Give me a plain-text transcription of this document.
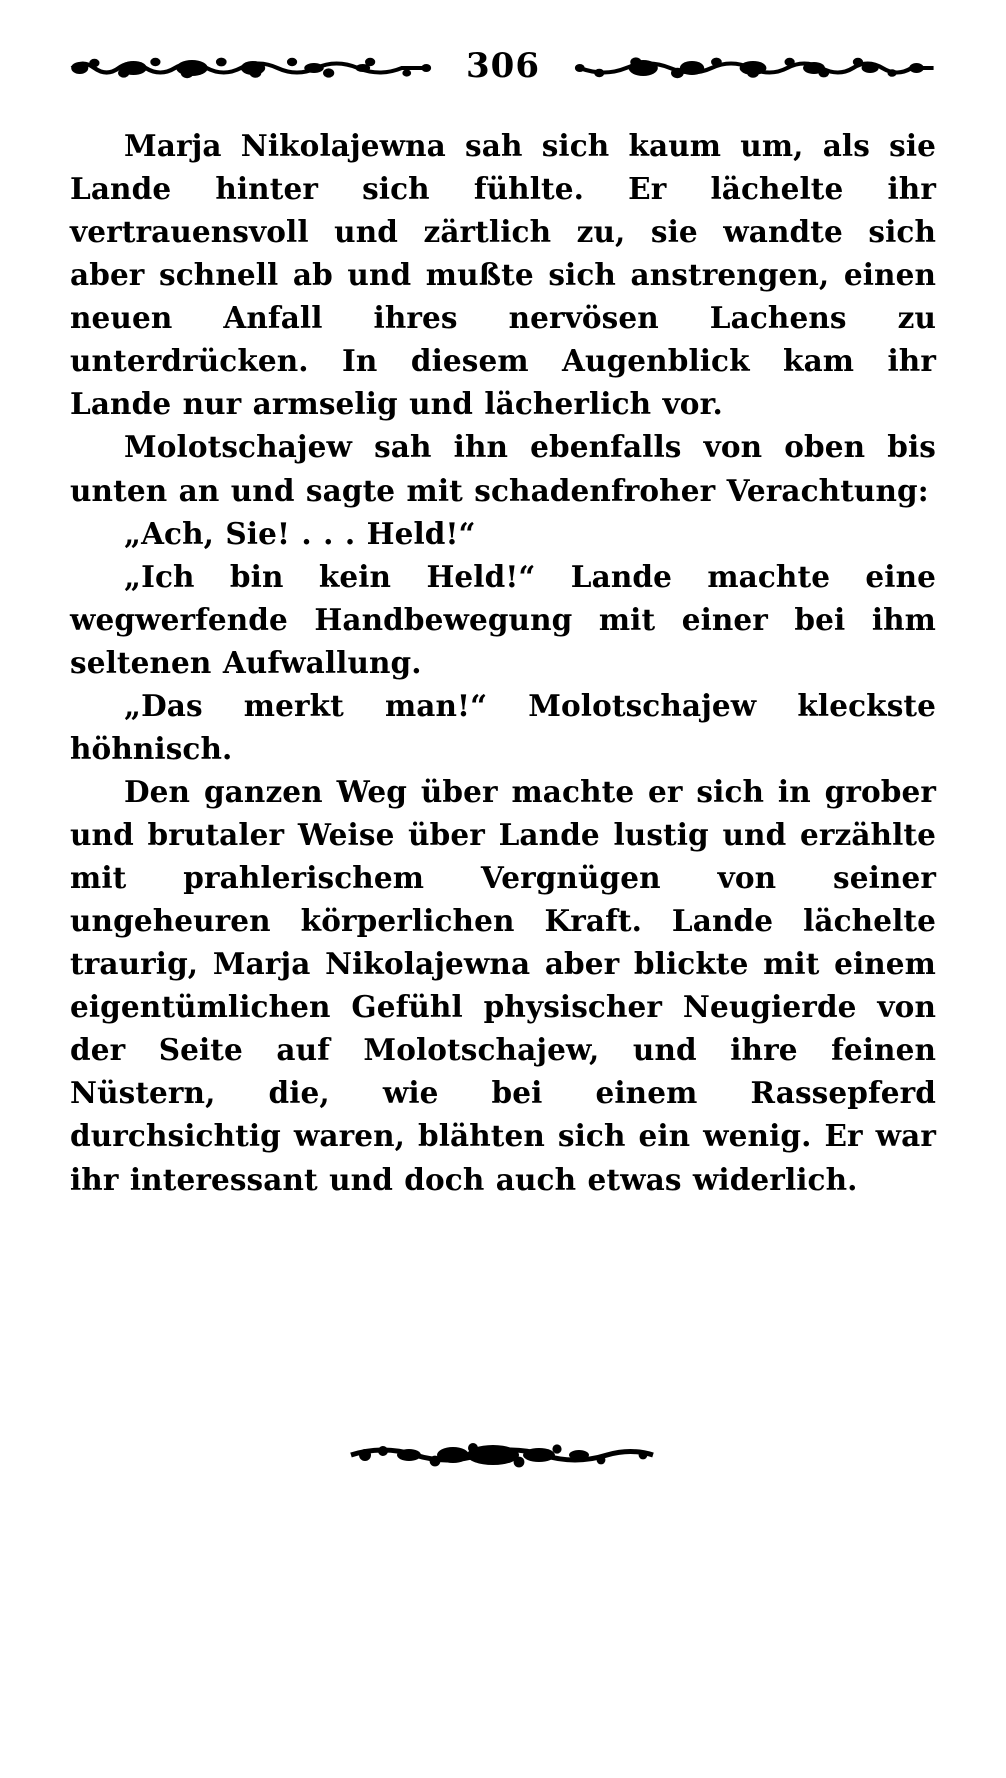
306

Marja Nikolajewna sah sich kaum um, als sie Lande hinter sich fühlte. Er lächelte ihr vertrauensvoll und zärtlich zu, sie wandte sich aber schnell ab und mußte sich anstrengen, einen neuen Anfall ihres nervösen Lachens zu unterdrücken. In diesem Augenblick kam ihr Lande nur armselig und lächerlich vor.

Molotschajew sah ihn ebenfalls von oben bis unten an und sagte mit schadenfroher Verachtung:

„Ach, Sie! . . . Held!“

„Ich bin kein Held!“ Lande machte eine wegwerfende Handbewegung mit einer bei ihm seltenen Aufwallung.

„Das merkt man!“ Molotschajew kleckste höhnisch.

Den ganzen Weg über machte er sich in grober und brutaler Weise über Lande lustig und erzählte mit prahlerischem Vergnügen von seiner ungeheuren körperlichen Kraft. Lande lächelte traurig, Marja Nikolajewna aber blickte mit einem eigentümlichen Gefühl physischer Neugierde von der Seite auf Molotschajew, und ihre feinen Nüstern, die, wie bei einem Rassepferd durchsichtig waren, blähten sich ein wenig. Er war ihr interessant und doch auch etwas widerlich.
